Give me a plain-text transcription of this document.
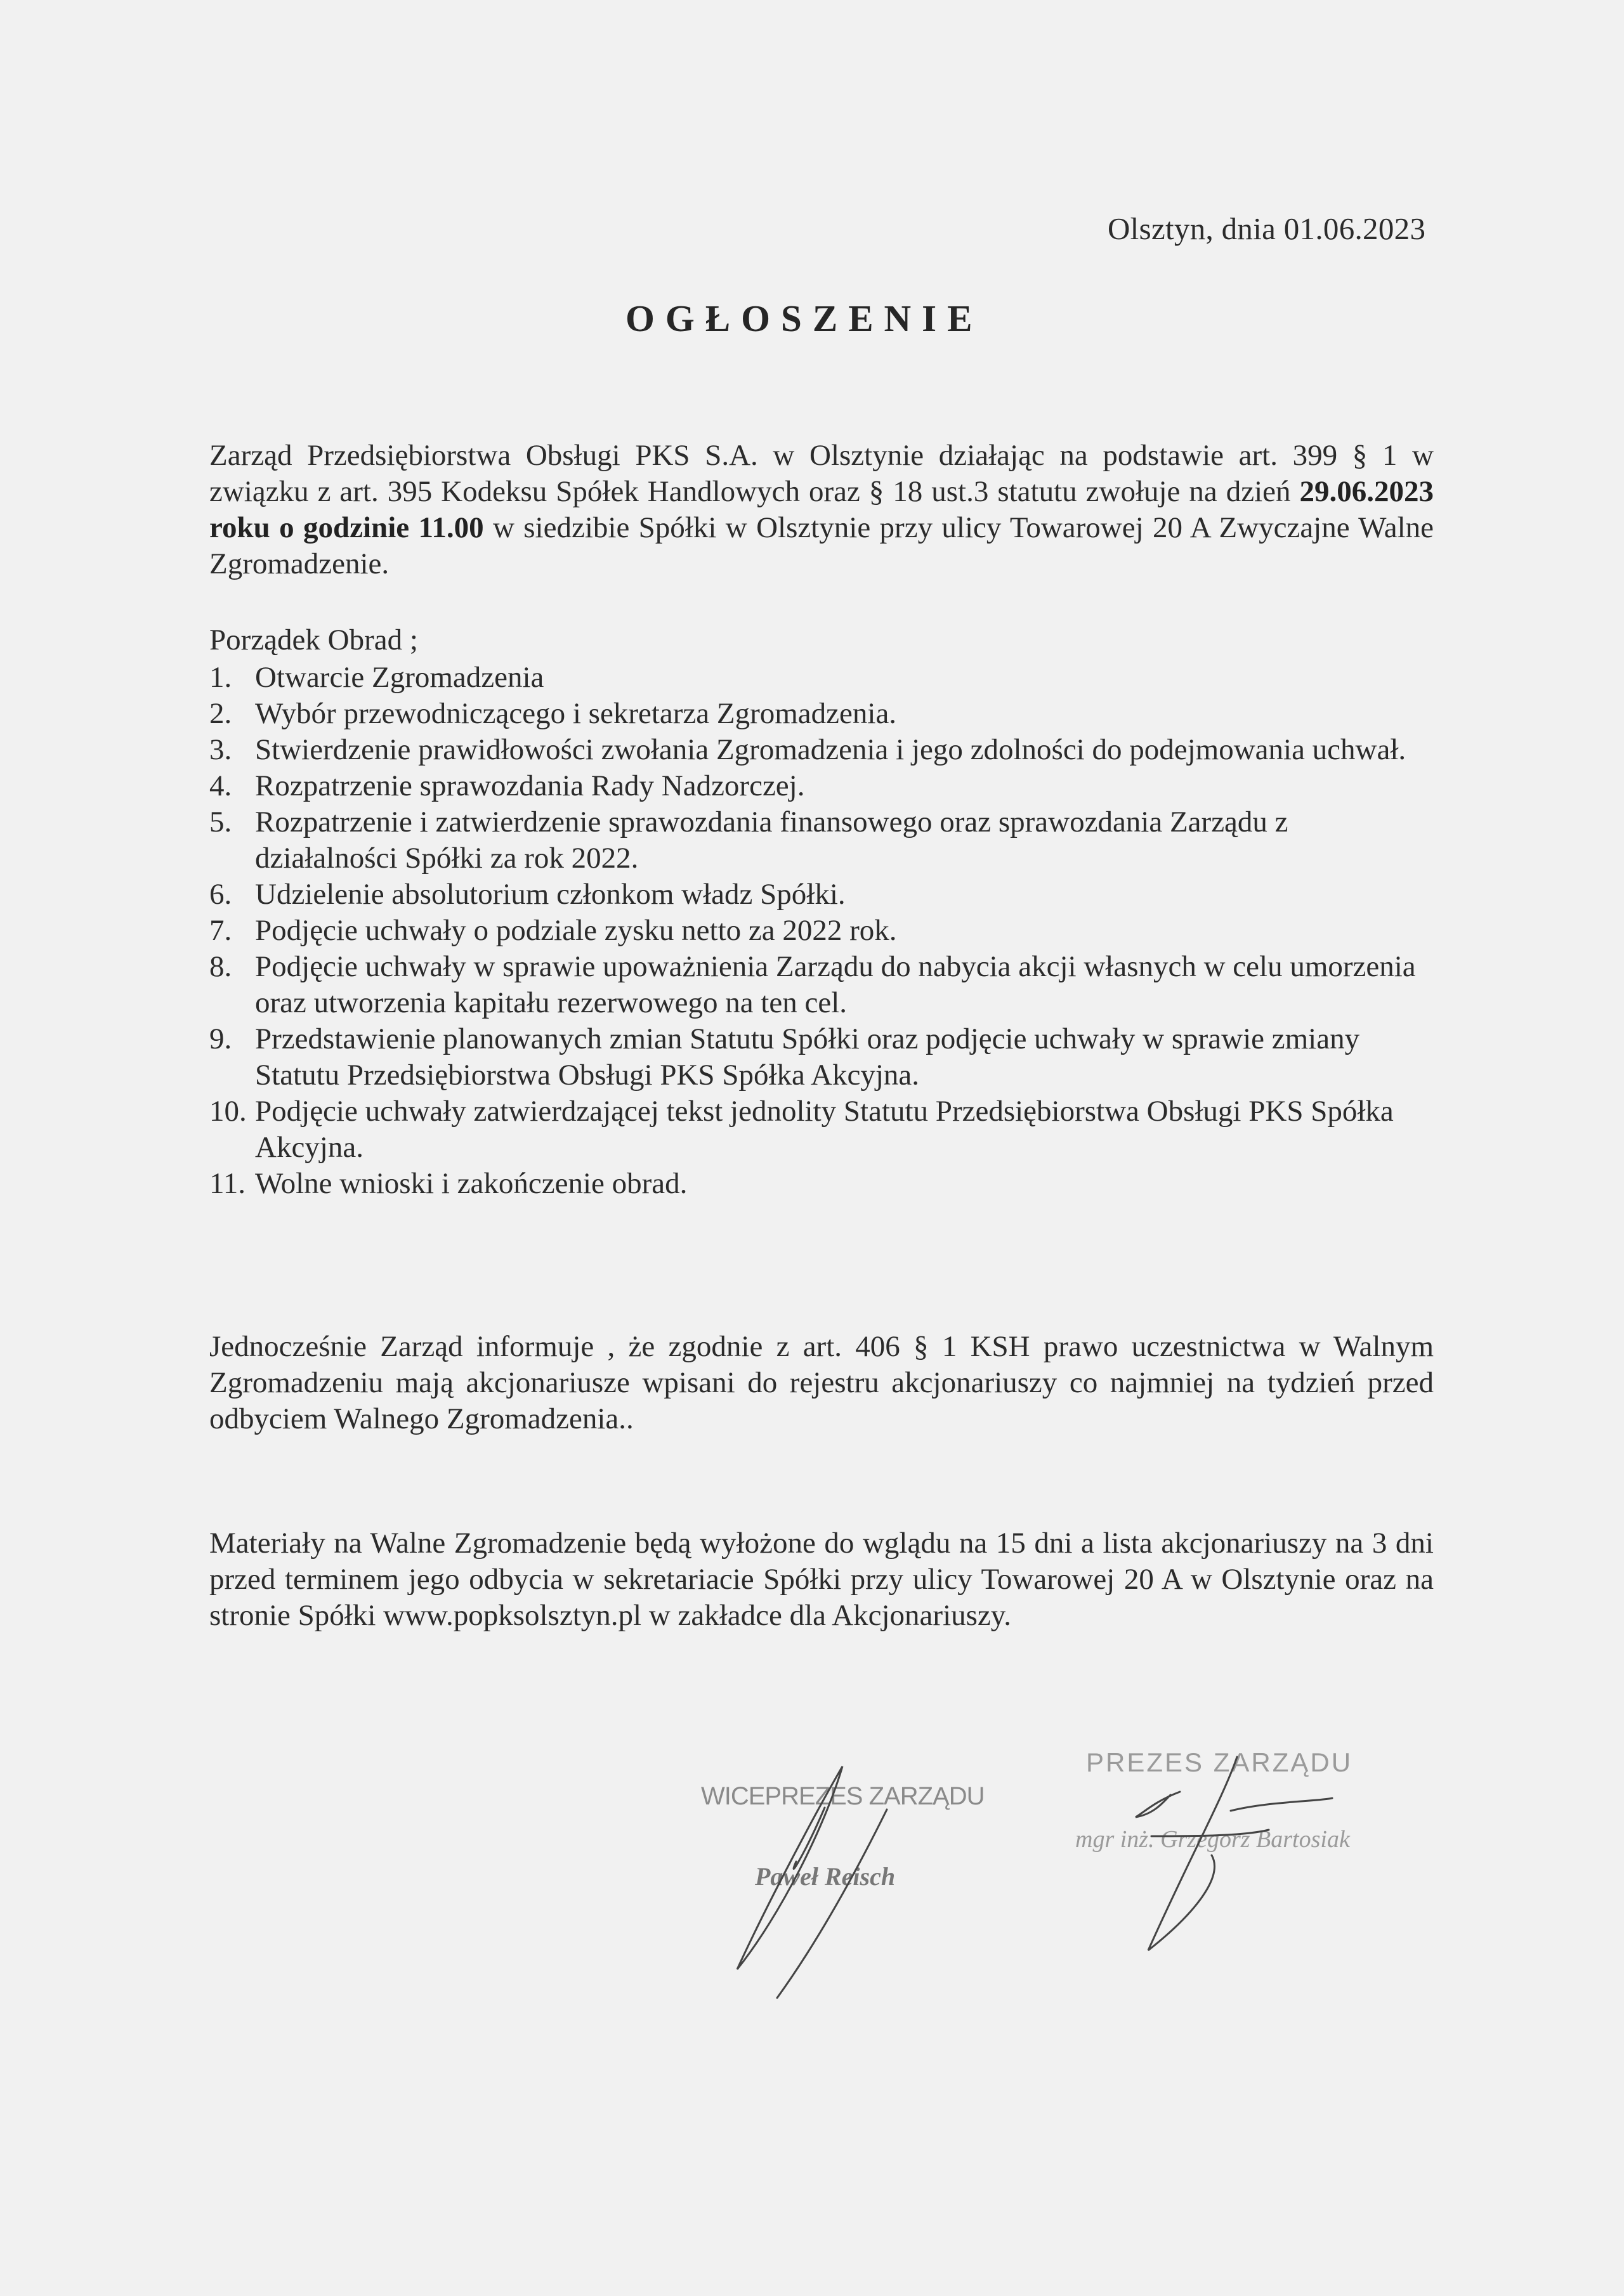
Olsztyn, dnia 01.06.2023
OGŁOSZENIE
Zarząd Przedsiębiorstwa Obsługi PKS S.A. w Olsztynie działając na podstawie art. 399 § 1 w związku z art. 395 Kodeksu Spółek Handlowych oraz § 18 ust.3 statutu zwołuje na dzień 29.06.2023 roku o godzinie 11.00 w siedzibie Spółki w Olsztynie przy ulicy Towarowej 20 A Zwyczajne Walne Zgromadzenie.
Porządek Obrad ;
1. Otwarcie Zgromadzenia
2. Wybór przewodniczącego i sekretarza Zgromadzenia.
3. Stwierdzenie prawidłowości zwołania Zgromadzenia i jego zdolności do podejmowania uchwał.
4. Rozpatrzenie sprawozdania Rady Nadzorczej.
5. Rozpatrzenie i zatwierdzenie sprawozdania finansowego oraz sprawozdania Zarządu z działalności Spółki za rok 2022.
6. Udzielenie absolutorium członkom władz Spółki.
7. Podjęcie uchwały o podziale zysku netto za 2022 rok.
8. Podjęcie uchwały w sprawie upoważnienia Zarządu do nabycia akcji własnych w celu umorzenia oraz utworzenia kapitału rezerwowego na ten cel.
9. Przedstawienie planowanych zmian Statutu Spółki oraz podjęcie uchwały w sprawie zmiany Statutu Przedsiębiorstwa Obsługi PKS Spółka Akcyjna.
10. Podjęcie uchwały zatwierdzającej tekst jednolity Statutu Przedsiębiorstwa Obsługi PKS Spółka Akcyjna.
11. Wolne wnioski i zakończenie obrad.
Jednocześnie Zarząd informuje , że zgodnie z art. 406 § 1 KSH prawo uczestnictwa w Walnym Zgromadzeniu mają akcjonariusze wpisani do rejestru akcjonariuszy co najmniej na tydzień przed odbyciem Walnego Zgromadzenia..
Materiały na Walne Zgromadzenie będą wyłożone do wglądu na 15 dni a lista akcjonariuszy na 3 dni przed terminem jego odbycia w sekretariacie Spółki przy ulicy Towarowej 20 A w Olsztynie oraz na stronie Spółki www.popksolsztyn.pl w zakładce dla Akcjonariuszy.
WICEPREZES ZARZĄDU
Paweł Reisch
PREZES ZARZĄDU
mgr inż. Grzegorz Bartosiak
